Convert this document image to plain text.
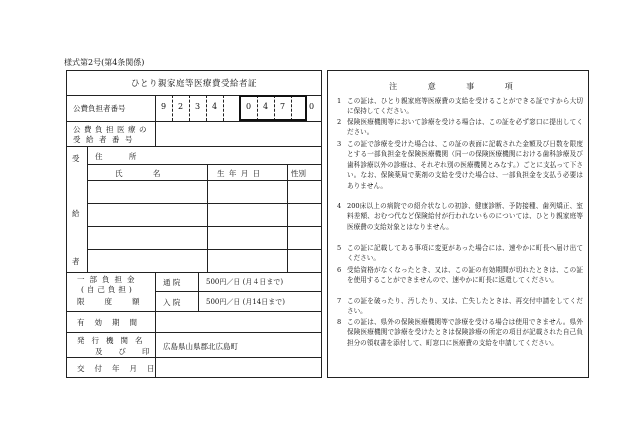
様式第2号(第4条関係)
ひとり親家庭等医療費受給者証
公費負担者番号	9	2	3	4	0	4	7	0
公費負担医療の
受給者番号
受
給
者
住 所
氏 名	生 年 月 日	性別
一部負担金
(自己負担)
限度額
通 院	500円／日 (月４日まで)
入 院	500円／日 (月14日まで)
有効期間
発行機関名
及び印
広島県山県郡北広島町
交付年月日
注 意 事 項
1 この証は、ひとり親家庭等医療費の支給を受けることができる証ですから大切に保持してください。
2 保険医療機関等において診療を受ける場合は、この証を必ず窓口に提出してください。
3 この証で診療を受けた場合は、この証の表面に記載された金額及び日数を限度とする一部負担金を保険医療機関（同一の保険医療機関における歯科診療及び歯科診療以外の診療は、それぞれ別の医療機関とみなす。）ごとに支払って下さい。なお、保険薬局で薬剤の支給を受けた場合は、一部負担金を支払う必要はありません。
4 200床以上の病院での紹介状なしの初診、健康診断、予防接種、歯列矯正、室料差額、おむつ代など保険給付が行われないものについては、ひとり親家庭等医療費の支給対象とはなりません。
5 この証に記載してある事項に変更があった場合には、速やかに町長へ届け出てください。
6 受給資格がなくなったとき、又は、この証の有効期間が切れたときは、この証を使用することができませんので、速やかに町長に返還してください。
7 この証を破ったり、汚したり、又は、亡失したときは、再交付申請をしてください。
8 この証は、県外の保険医療機関等で診療を受ける場合は使用できません。県外保険医療機関で診療を受けたときは保険診療の所定の項目が記載された自己負担分の領収書を添付して、町窓口に医療費の支給を申請してください。
